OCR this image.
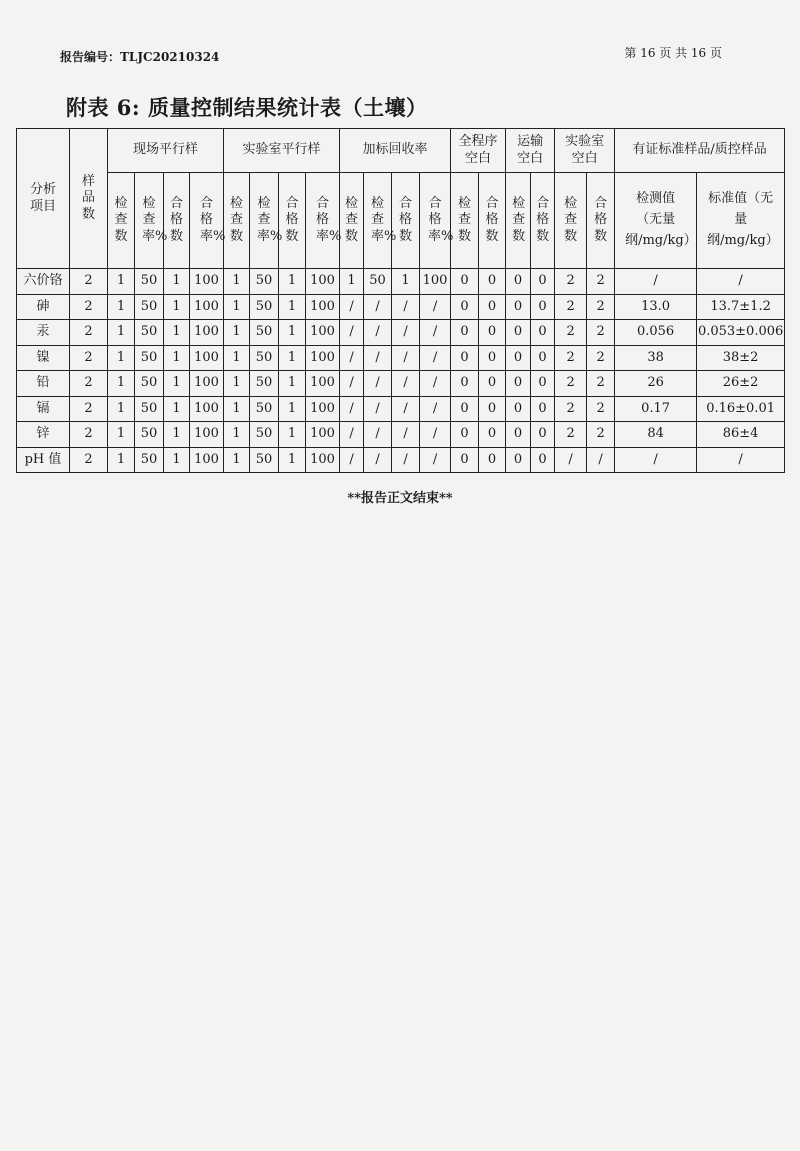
报告编号：TLJC20210324	第 16 页 共 16 页
附表 6: 质量控制结果统计表（土壤）
分析项目	样品数	现场平行样				实验室平行样				加标回收率				全程序空白		运输空白		实验室空白		有证标准样品/质控样品	
		检查数	检查率%	合格数	合格率%	检查数	检查率%	合格数	合格率%	检查数	检查率%	合格数	合格率%	检查数	合格数	检查数	合格数	检查数	合格数	检测值（无量纲/mg/kg）	标准值（无量纲/mg/kg）
六价铬	2	1	50	1	100	1	50	1	100	1	50	1	100	0	0	0	0	2	2	/	/
砷	2	1	50	1	100	1	50	1	100	/	/	/	/	0	0	0	0	2	2	13.0	13.7±1.2
汞	2	1	50	1	100	1	50	1	100	/	/	/	/	0	0	0	0	2	2	0.056	0.053±0.006
镍	2	1	50	1	100	1	50	1	100	/	/	/	/	0	0	0	0	2	2	38	38±2
铅	2	1	50	1	100	1	50	1	100	/	/	/	/	0	0	0	0	2	2	26	26±2
镉	2	1	50	1	100	1	50	1	100	/	/	/	/	0	0	0	0	2	2	0.17	0.16±0.01
锌	2	1	50	1	100	1	50	1	100	/	/	/	/	0	0	0	0	2	2	84	86±4
pH 值	2	1	50	1	100	1	50	1	100	/	/	/	/	0	0	0	0	/	/	/	/
**报告正文结束**
